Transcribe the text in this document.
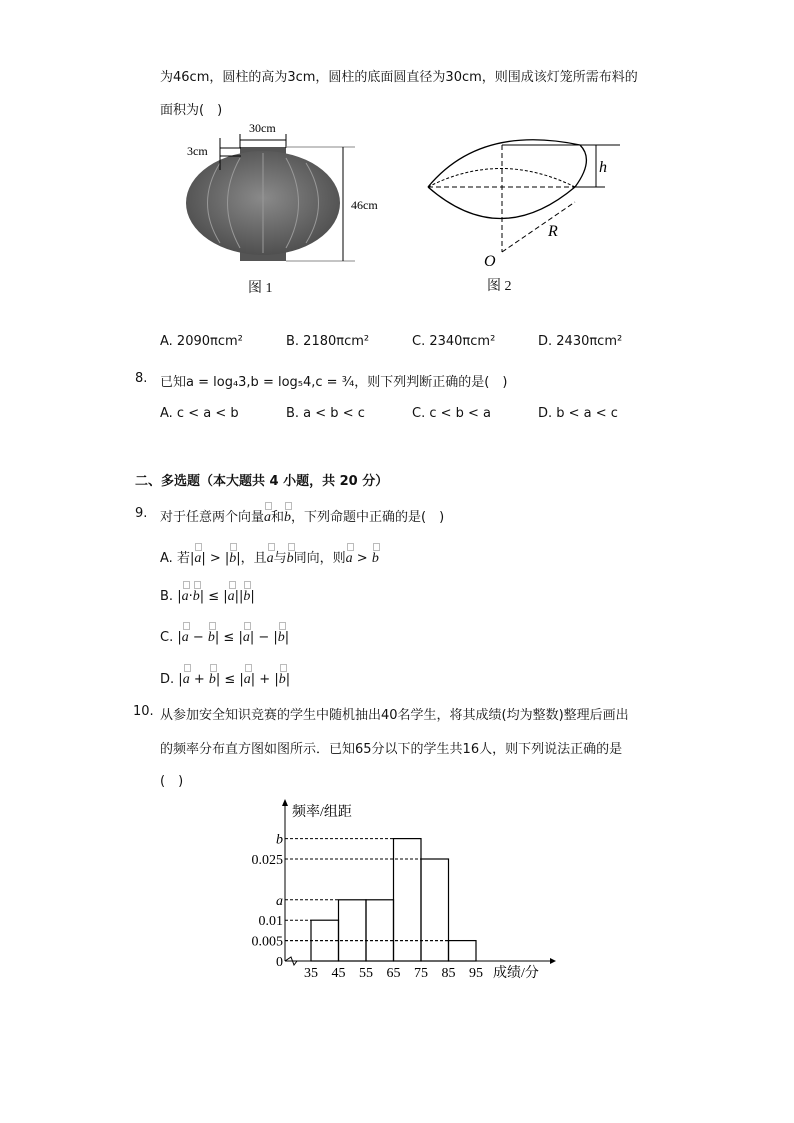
为46cm，圆柱的高为3cm，圆柱的底面圆直径为30cm，则围成该灯笼所需布料的
面积为(　)
30cm
3cm
46cm
图 1
h
R
O
图 2
A. 2090πcm²	B. 2180πcm²	C. 2340πcm²	D. 2430πcm²
8. 已知a = log₄3,b = log₅4,c = ¾，则下列判断正确的是(　)
A. c < a < b	B. a < b < c	C. c < b < a	D. b < a < c
二、多选题（本大题共 4 小题，共 20 分）
9. 对于任意两个向量a和b，下列命题中正确的是(　)
A. 若|a| > |b|，且a与b同向，则a > b
B. |a·b| ≤ |a||b|
C. |a − b| ≤ |a| − |b|
D. |a + b| ≤ |a| + |b|
10. 从参加安全知识竞赛的学生中随机抽出40名学生，将其成绩(均为整数)整理后画出
的频率分布直方图如图所示．已知65分以下的学生共16人，则下列说法正确的是
(　)
频率/组距
成绩/分
0
0.005
0.01
a
0.025
b
35 45 55 65 75 85 95
